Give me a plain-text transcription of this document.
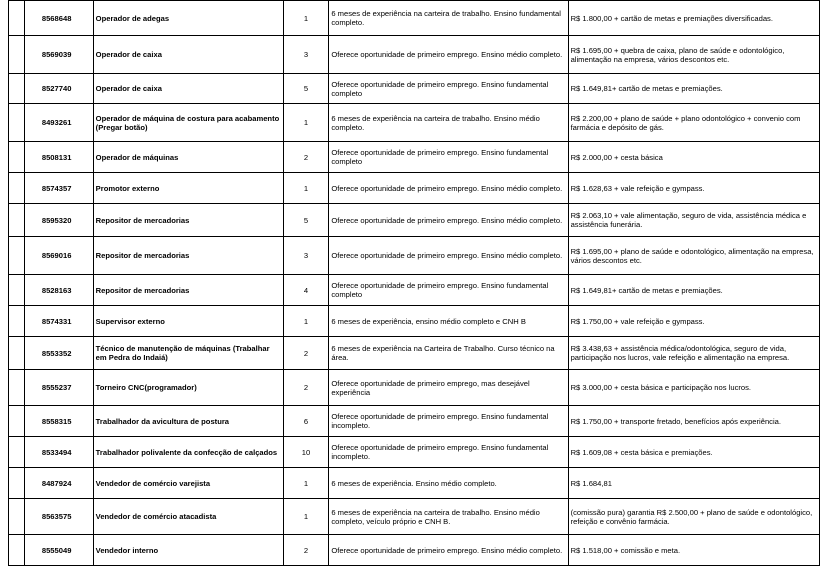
	8568648	Operador de adegas	1	6 meses de experiência na carteira de trabalho. Ensino fundamental completo.	R$ 1.800,00 + cartão de metas e premiações diversificadas.
	8569039	Operador de caixa	3	Oferece oportunidade de primeiro emprego. Ensino médio completo.	R$ 1.695,00 + quebra de caixa, plano de saúde e odontológico, alimentação na empresa, vários descontos etc.
	8527740	Operador de caixa	5	Oferece oportunidade de primeiro emprego. Ensino fundamental completo	R$ 1.649,81+ cartão de metas e premiações.
	8493261	Operador de máquina de costura para acabamento (Pregar botão)	1	6 meses de experiência na carteira de trabalho. Ensino médio completo.	R$ 2.200,00 + plano de saúde + plano odontológico + convenio com farmácia e depósito de gás.
	8508131	Operador de máquinas	2	Oferece oportunidade de primeiro emprego. Ensino fundamental completo	R$ 2.000,00 + cesta básica
	8574357	Promotor externo	1	Oferece oportunidade de primeiro emprego. Ensino médio completo.	R$ 1.628,63 + vale refeição e gympass.
	8595320	Repositor de mercadorias	5	Oferece oportunidade de primeiro emprego. Ensino médio completo.	R$ 2.063,10 + vale alimentação, seguro de vida, assistência médica e assistência funerária.
	8569016	Repositor de mercadorias	3	Oferece oportunidade de primeiro emprego. Ensino médio completo.	R$ 1.695,00 + plano de saúde e odontológico, alimentação na empresa, vários descontos etc.
	8528163	Repositor de mercadorias	4	Oferece oportunidade de primeiro emprego. Ensino fundamental completo	R$ 1.649,81+ cartão de metas e premiações.
	8574331	Supervisor externo	1	6 meses de experiência, ensino médio completo e CNH B	R$ 1.750,00 + vale refeição e gympass.
	8553352	Técnico de manutenção de máquinas (Trabalhar em Pedra do Indaiá)	2	6 meses de experiência na Carteira de Trabalho. Curso técnico na área.	R$ 3.438,63 + assistência médica/odontológica, seguro de vida, participação nos lucros, vale refeição e alimentação na empresa.
	8555237	Torneiro CNC(programador)	2	Oferece oportunidade de primeiro emprego, mas desejável experiência	R$ 3.000,00 + cesta básica e participação nos lucros.
	8558315	Trabalhador da avicultura de postura	6	Oferece oportunidade de primeiro emprego. Ensino fundamental incompleto.	R$ 1.750,00 + transporte fretado, benefícios após experiência.
	8533494	Trabalhador polivalente da confecção de calçados	10	Oferece oportunidade de primeiro emprego. Ensino fundamental incompleto.	R$ 1.609,08 + cesta básica e premiações.
	8487924	Vendedor de comércio varejista	1	6 meses de experiência. Ensino médio completo.	R$ 1.684,81
	8563575	Vendedor de comércio atacadista	1	6 meses de experiência na carteira de trabalho. Ensino médio completo, veículo próprio e CNH B.	(comissão pura) garantia R$ 2.500,00 + plano de saúde e odontológico, refeição e convênio farmácia.
	8555049	Vendedor interno	2	Oferece oportunidade de primeiro emprego. Ensino médio completo.	R$ 1.518,00 + comissão e meta.
